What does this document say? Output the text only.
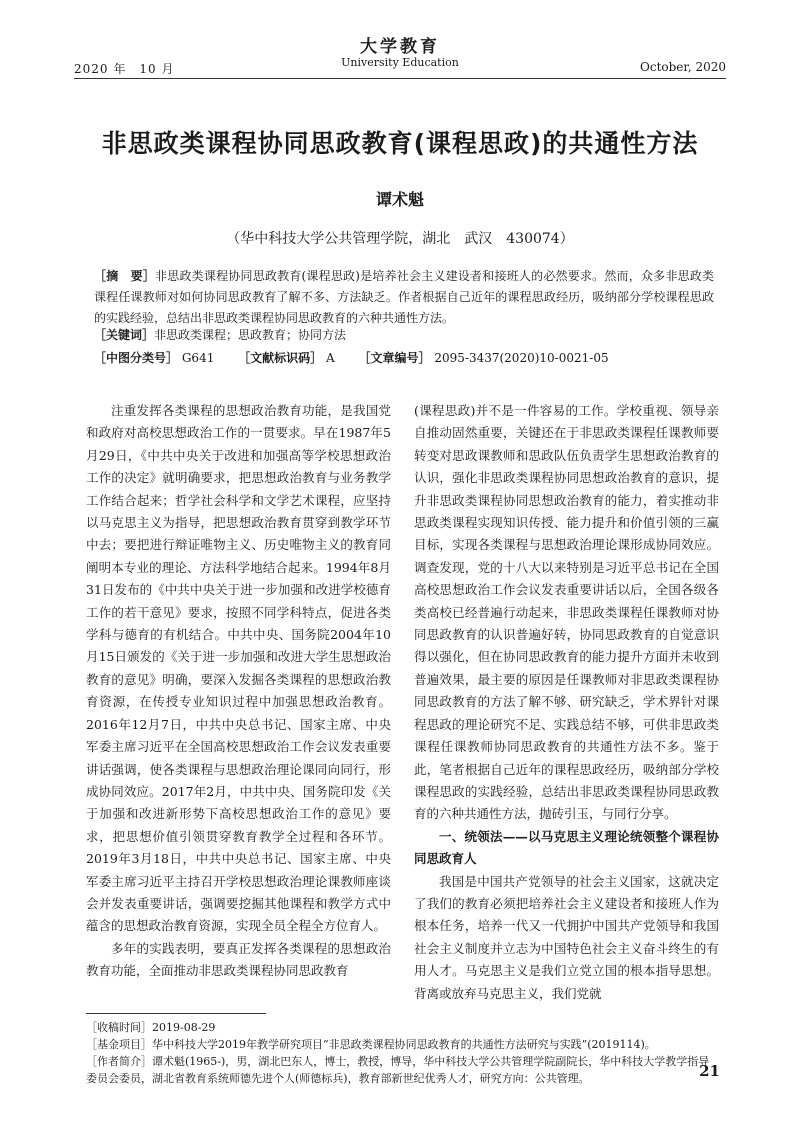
大学教育
University Education
2020 年　10 月	October, 2020
非思政类课程协同思政教育(课程思政)的共通性方法
谭术魁
（华中科技大学公共管理学院，湖北　武汉　430074）
［摘　要］非思政类课程协同思政教育(课程思政)是培养社会主义建设者和接班人的必然要求。然而，众多非思政类课程任课教师对如何协同思政教育了解不多、方法缺乏。作者根据自己近年的课程思政经历，吸纳部分学校课程思政的实践经验，总结出非思政类课程协同思政教育的六种共通性方法。
［关键词］非思政类课程；思政教育；协同方法
［中图分类号］ G641 ［文献标识码］ A ［文章编号］ 2095-3437(2020)10-0021-05

注重发挥各类课程的思想政治教育功能，是我国党和政府对高校思想政治工作的一贯要求。早在1987年5月29日，《中共中央关于改进和加强高等学校思想政治工作的决定》就明确要求，把思想政治教育与业务教学工作结合起来；哲学社会科学和文学艺术课程，应坚持以马克思主义为指导，把思想政治教育贯穿到教学环节中去；要把进行辩证唯物主义、历史唯物主义的教育同阐明本专业的理论、方法科学地结合起来。1994年8月31日发布的《中共中央关于进一步加强和改进学校德育工作的若干意见》要求，按照不同学科特点，促进各类学科与德育的有机结合。中共中央、国务院2004年10月15日颁发的《关于进一步加强和改进大学生思想政治教育的意见》明确，要深入发掘各类课程的思想政治教育资源，在传授专业知识过程中加强思想政治教育。2016年12月7日，中共中央总书记、国家主席、中央军委主席习近平在全国高校思想政治工作会议发表重要讲话强调，使各类课程与思想政治理论课同向同行，形成协同效应。2017年2月，中共中央、国务院印发《关于加强和改进新形势下高校思想政治工作的意见》要求，把思想价值引领贯穿教育教学全过程和各环节。2019年3月18日，中共中央总书记、国家主席、中央军委主席习近平主持召开学校思想政治理论课教师座谈会并发表重要讲话，强调要挖掘其他课程和教学方式中蕴含的思想政治教育资源，实现全员全程全方位育人。

多年的实践表明，要真正发挥各类课程的思想政治教育功能，全面推动非思政类课程协同思政教育

(课程思政)并不是一件容易的工作。学校重视、领导亲自推动固然重要，关键还在于非思政类课程任课教师要转变对思政课教师和思政队伍负责学生思想政治教育的认识，强化非思政类课程协同思想政治教育的意识，提升非思政类课程协同思想政治教育的能力，着实推动非思政类课程实现知识传授、能力提升和价值引领的三赢目标，实现各类课程与思想政治理论课形成协同效应。调查发现，党的十八大以来特别是习近平总书记在全国高校思想政治工作会议发表重要讲话以后，全国各级各类高校已经普遍行动起来，非思政类课程任课教师对协同思政教育的认识普遍好转，协同思政教育的自觉意识得以强化，但在协同思政教育的能力提升方面并未收到普遍效果，最主要的原因是任课教师对非思政类课程协同思政教育的方法了解不够、研究缺乏，学术界针对课程思政的理论研究不足、实践总结不够，可供非思政类课程任课教师协同思政教育的共通性方法不多。鉴于此，笔者根据自己近年的课程思政经历，吸纳部分学校课程思政的实践经验，总结出非思政类课程协同思政教育的六种共通性方法，抛砖引玉，与同行分享。

一、统领法——以马克思主义理论统领整个课程协同思政育人

我国是中国共产党领导的社会主义国家，这就决定了我们的教育必须把培养社会主义建设者和接班人作为根本任务，培养一代又一代拥护中国共产党领导和我国社会主义制度并立志为中国特色社会主义奋斗终生的有用人才。马克思主义是我们立党立国的根本指导思想。背离或放弃马克思主义，我们党就

［收稿时间］2019-08-29
［基金项目］华中科技大学2019年教学研究项目“非思政类课程协同思政教育的共通性方法研究与实践”(2019114)。
［作者简介］谭术魁(1965-)，男，湖北巴东人，博士，教授，博导，华中科技大学公共管理学院副院长，华中科技大学教学指导委员会委员，湖北省教育系统师德先进个人(师德标兵)，教育部新世纪优秀人才，研究方向：公共管理。	21
